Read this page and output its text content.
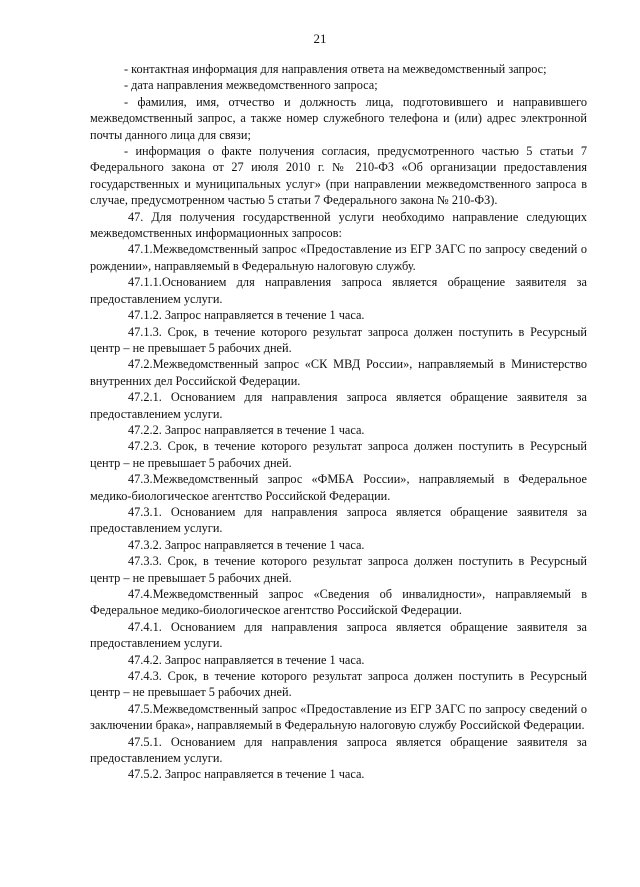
21

- контактная информация для направления ответа на межведомственный запрос;

- дата направления межведомственного запроса;

- фамилия, имя, отчество и должность лица, подготовившего и направившего межведомственный запрос, а также номер служебного телефона и (или) адрес электронной почты данного лица для связи;

- информация о факте получения согласия, предусмотренного частью 5 статьи 7 Федерального закона от 27 июля 2010 г. № 210-ФЗ «Об организации предоставления государственных и муниципальных услуг» (при направлении межведомственного запроса в случае, предусмотренном частью 5 статьи 7 Федерального закона № 210-ФЗ).

47. Для получения государственной услуги необходимо направление следующих межведомственных информационных запросов:

47.1.Межведомственный запрос «Предоставление из ЕГР ЗАГС по запросу сведений о рождении», направляемый в Федеральную налоговую службу.

47.1.1.Основанием для направления запроса является обращение заявителя за предоставлением услуги.

47.1.2. Запрос направляется в течение 1 часа.

47.1.3. Срок, в течение которого результат запроса должен поступить в Ресурсный центр – не превышает 5 рабочих дней.

47.2.Межведомственный запрос «СК МВД России», направляемый в Министерство внутренних дел Российской Федерации.

47.2.1. Основанием для направления запроса является обращение заявителя за предоставлением услуги.

47.2.2. Запрос направляется в течение 1 часа.

47.2.3. Срок, в течение которого результат запроса должен поступить в Ресурсный центр – не превышает 5 рабочих дней.

47.3.Межведомственный запрос «ФМБА России», направляемый в Федеральное медико-биологическое агентство Российской Федерации.

47.3.1. Основанием для направления запроса является обращение заявителя за предоставлением услуги.

47.3.2. Запрос направляется в течение 1 часа.

47.3.3. Срок, в течение которого результат запроса должен поступить в Ресурсный центр – не превышает 5 рабочих дней.

47.4.Межведомственный запрос «Сведения об инвалидности», направляемый в Федеральное медико-биологическое агентство Российской Федерации.

47.4.1. Основанием для направления запроса является обращение заявителя за предоставлением услуги.

47.4.2. Запрос направляется в течение 1 часа.

47.4.3. Срок, в течение которого результат запроса должен поступить в Ресурсный центр – не превышает 5 рабочих дней.

47.5.Межведомственный запрос «Предоставление из ЕГР ЗАГС по запросу сведений о заключении брака», направляемый в Федеральную налоговую службу Российской Федерации.

47.5.1. Основанием для направления запроса является обращение заявителя за предоставлением услуги.

47.5.2. Запрос направляется в течение 1 часа.
